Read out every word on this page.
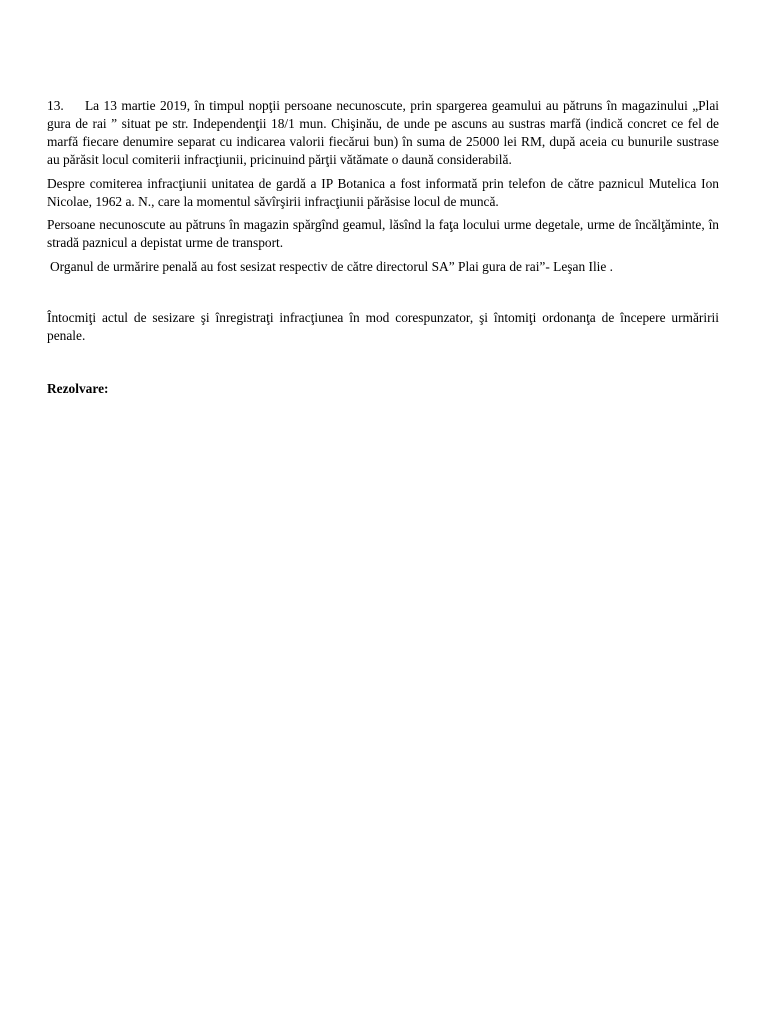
13. La 13 martie 2019, în timpul nopţii persoane necunoscute, prin spargerea geamului au pătruns în magazinului „Plai gura de rai ” situat pe str. Independenţii 18/1 mun. Chişinău, de unde pe ascuns au sustras marfă (indică concret ce fel de marfă fiecare denumire separat cu indicarea valorii fiecărui bun) în suma de 25000 lei RM, după aceia cu bunurile sustrase au părăsit locul comiterii infracţiunii, pricinuind părţii vătămate o daună considerabilă.

Despre comiterea infracţiunii unitatea de gardă a IP Botanica a fost informată prin telefon de către paznicul Mutelica Ion Nicolae, 1962 a. N., care la momentul săvîrşirii infracţiunii părăsise locul de muncă.

Persoane necunoscute au pătruns în magazin spărgînd geamul, lăsînd la faţa locului urme degetale, urme de încălţăminte, în stradă paznicul a depistat urme de transport.

Organul de urmărire penală au fost sesizat respectiv de către directorul SA” Plai gura de rai”- Leşan Ilie .

Întocmiţi actul de sesizare şi înregistraţi infracţiunea în mod corespunzator, şi întomiţi ordonanţa de începere urmăririi penale.

Rezolvare:
